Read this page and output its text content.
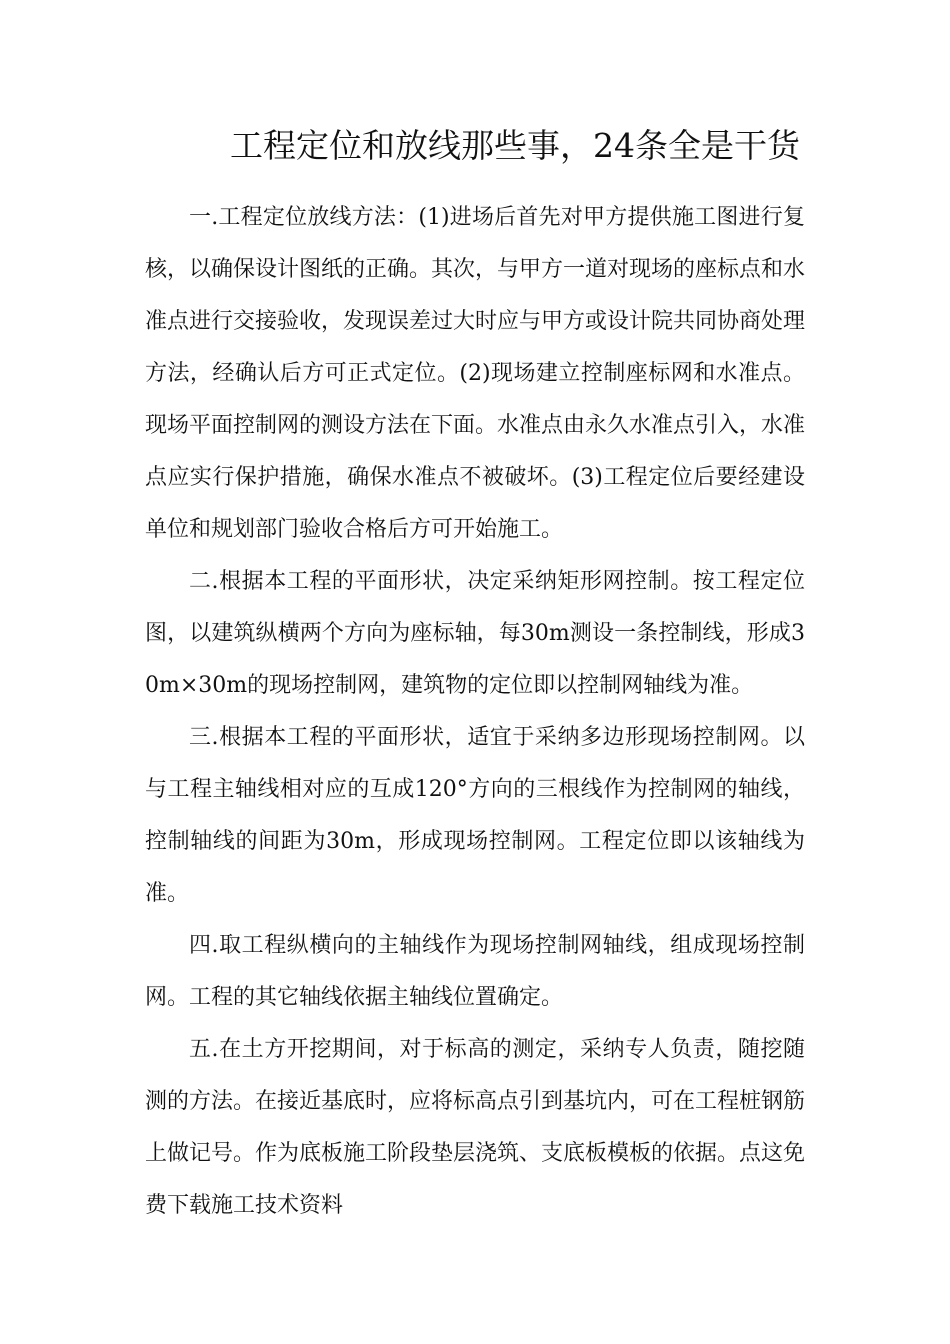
工程定位和放线那些事，24条全是干货

一.工程定位放线方法：(1)进场后首先对甲方提供施工图进行复核，以确保设计图纸的正确。其次，与甲方一道对现场的座标点和水准点进行交接验收，发现误差过大时应与甲方或设计院共同协商处理方法，经确认后方可正式定位。(2)现场建立控制座标网和水准点。现场平面控制网的测设方法在下面。水准点由永久水准点引入，水准点应实行保护措施，确保水准点不被破坏。(3)工程定位后要经建设单位和规划部门验收合格后方可开始施工。

二.根据本工程的平面形状，决定采纳矩形网控制。按工程定位图，以建筑纵横两个方向为座标轴，每30m测设一条控制线，形成30m×30m的现场控制网，建筑物的定位即以控制网轴线为准。

三.根据本工程的平面形状，适宜于采纳多边形现场控制网。以与工程主轴线相对应的互成120°方向的三根线作为控制网的轴线，控制轴线的间距为30m，形成现场控制网。工程定位即以该轴线为准。

四.取工程纵横向的主轴线作为现场控制网轴线，组成现场控制网。工程的其它轴线依据主轴线位置确定。

五.在土方开挖期间，对于标高的测定，采纳专人负责，随挖随测的方法。在接近基底时，应将标高点引到基坑内，可在工程桩钢筋上做记号。作为底板施工阶段垫层浇筑、支底板模板的依据。点这免费下载施工技术资料
